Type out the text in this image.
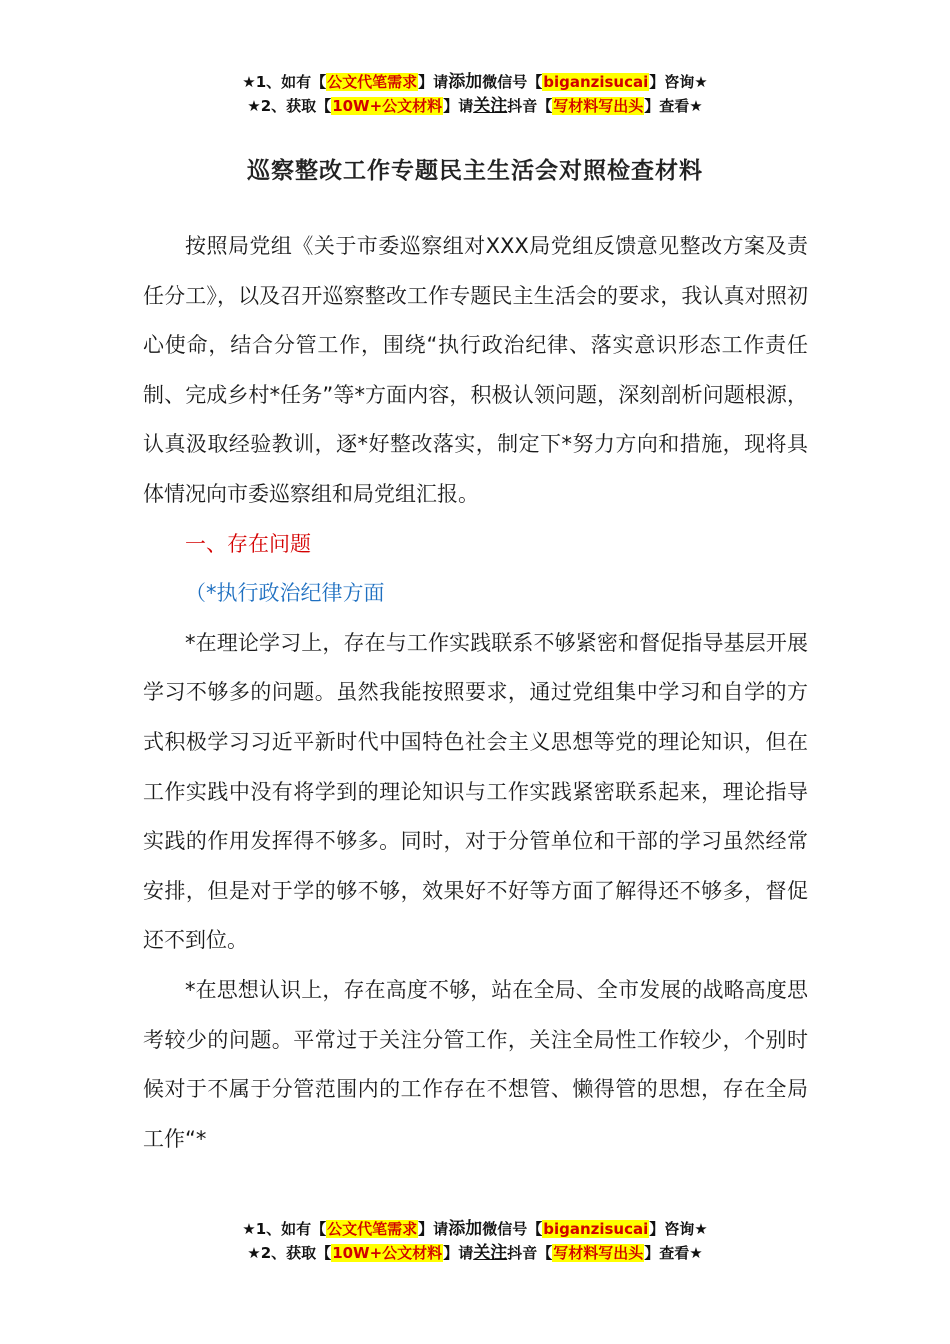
★1、如有【公文代笔需求】请添加微信号【biganzisucai】咨询★
★2、获取【10W+公文材料】请关注抖音【写材料写出头】查看★
巡察整改工作专题民主生活会对照检查材料

按照局党组《关于市委巡察组对XXX局党组反馈意见整改方案及责任分工》，以及召开巡察整改工作专题民主生活会的要求，我认真对照初心使命，结合分管工作，围绕“执行政治纪律、落实意识形态工作责任制、完成乡村*任务”等*方面内容，积极认领问题，深刻剖析问题根源，认真汲取经验教训，逐*好整改落实，制定下*努力方向和措施，现将具体情况向市委巡察组和局党组汇报。

一、存在问题

（*执行政治纪律方面

*在理论学习上，存在与工作实践联系不够紧密和督促指导基层开展学习不够多的问题。虽然我能按照要求，通过党组集中学习和自学的方式积极学习习近平新时代中国特色社会主义思想等党的理论知识，但在工作实践中没有将学到的理论知识与工作实践紧密联系起来，理论指导实践的作用发挥得不够多。同时，对于分管单位和干部的学习虽然经常安排，但是对于学的够不够，效果好不好等方面了解得还不够多，督促还不到位。

*在思想认识上，存在高度不够，站在全局、全市发展的战略高度思考较少的问题。平常过于关注分管工作，关注全局性工作较少，个别时候对于不属于分管范围内的工作存在不想管、懒得管的思想，存在全局工作“*

★1、如有【公文代笔需求】请添加微信号【biganzisucai】咨询★
★2、获取【10W+公文材料】请关注抖音【写材料写出头】查看★
